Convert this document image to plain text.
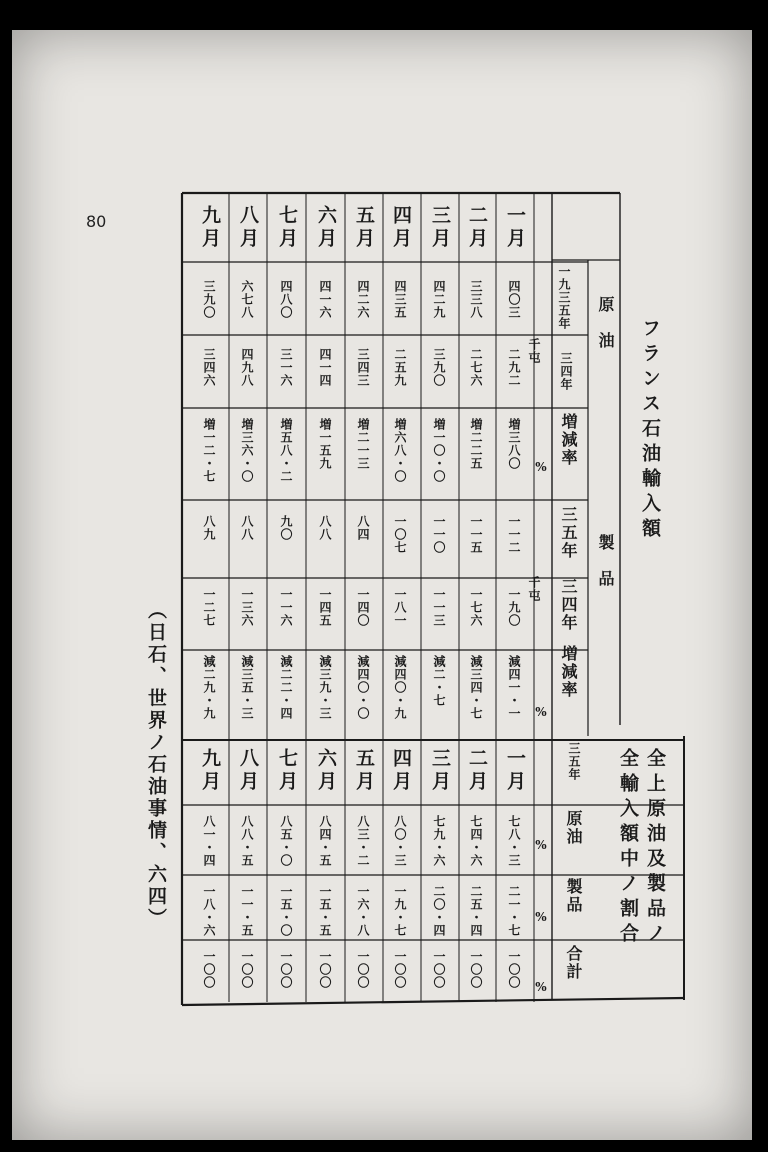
80
フランス石油輸入額
原　油
製　品
一九三五年
三四年
増減率
三五年
三四年
増減率
千屯
千屯
九月 八月 七月 六月 五月 四月 三月 二月 一月
三九〇
三四六
増一二・七
八九
一二七
減二九・九
六七八
四九八
増三六・〇
八八
一三六
減三五・三
四八〇
三一六
増五八・二
九〇
一一六
減二二・四
四一六
四一四
増一五九
八八
一四五
減三九・三
四二六
三四三
増二一三
八四
一四〇
減四〇・〇
四三五
二五九
増六八・〇
一〇七
一八一
減四〇・九
四二九
三九〇
増一〇・〇
一一〇
一一三
減二・七
三三八
二七六
増二二五
一一五
一七六
減三四・七
四〇三
二九二
増三八〇
一一二
一九〇
減四一・一
%
%
全上原油及製品ノ
全輸入額中ノ割合
三五年
原油
製品
合計
九月
八一・四
一八・六
一〇〇
八月
八八・五
一一・五
一〇〇
七月
八五・〇
一五・〇
一〇〇
六月
八四・五
一五・五
一〇〇
五月
八三・二
一六・八
一〇〇
四月
八〇・三
一九・七
一〇〇
三月
七九・六
二〇・四
一〇〇
二月
七四・六
二五・四
一〇〇
一月
七八・三
二一・七
一〇〇
%
%
%
（日石、世界ノ石油事情、六四）
